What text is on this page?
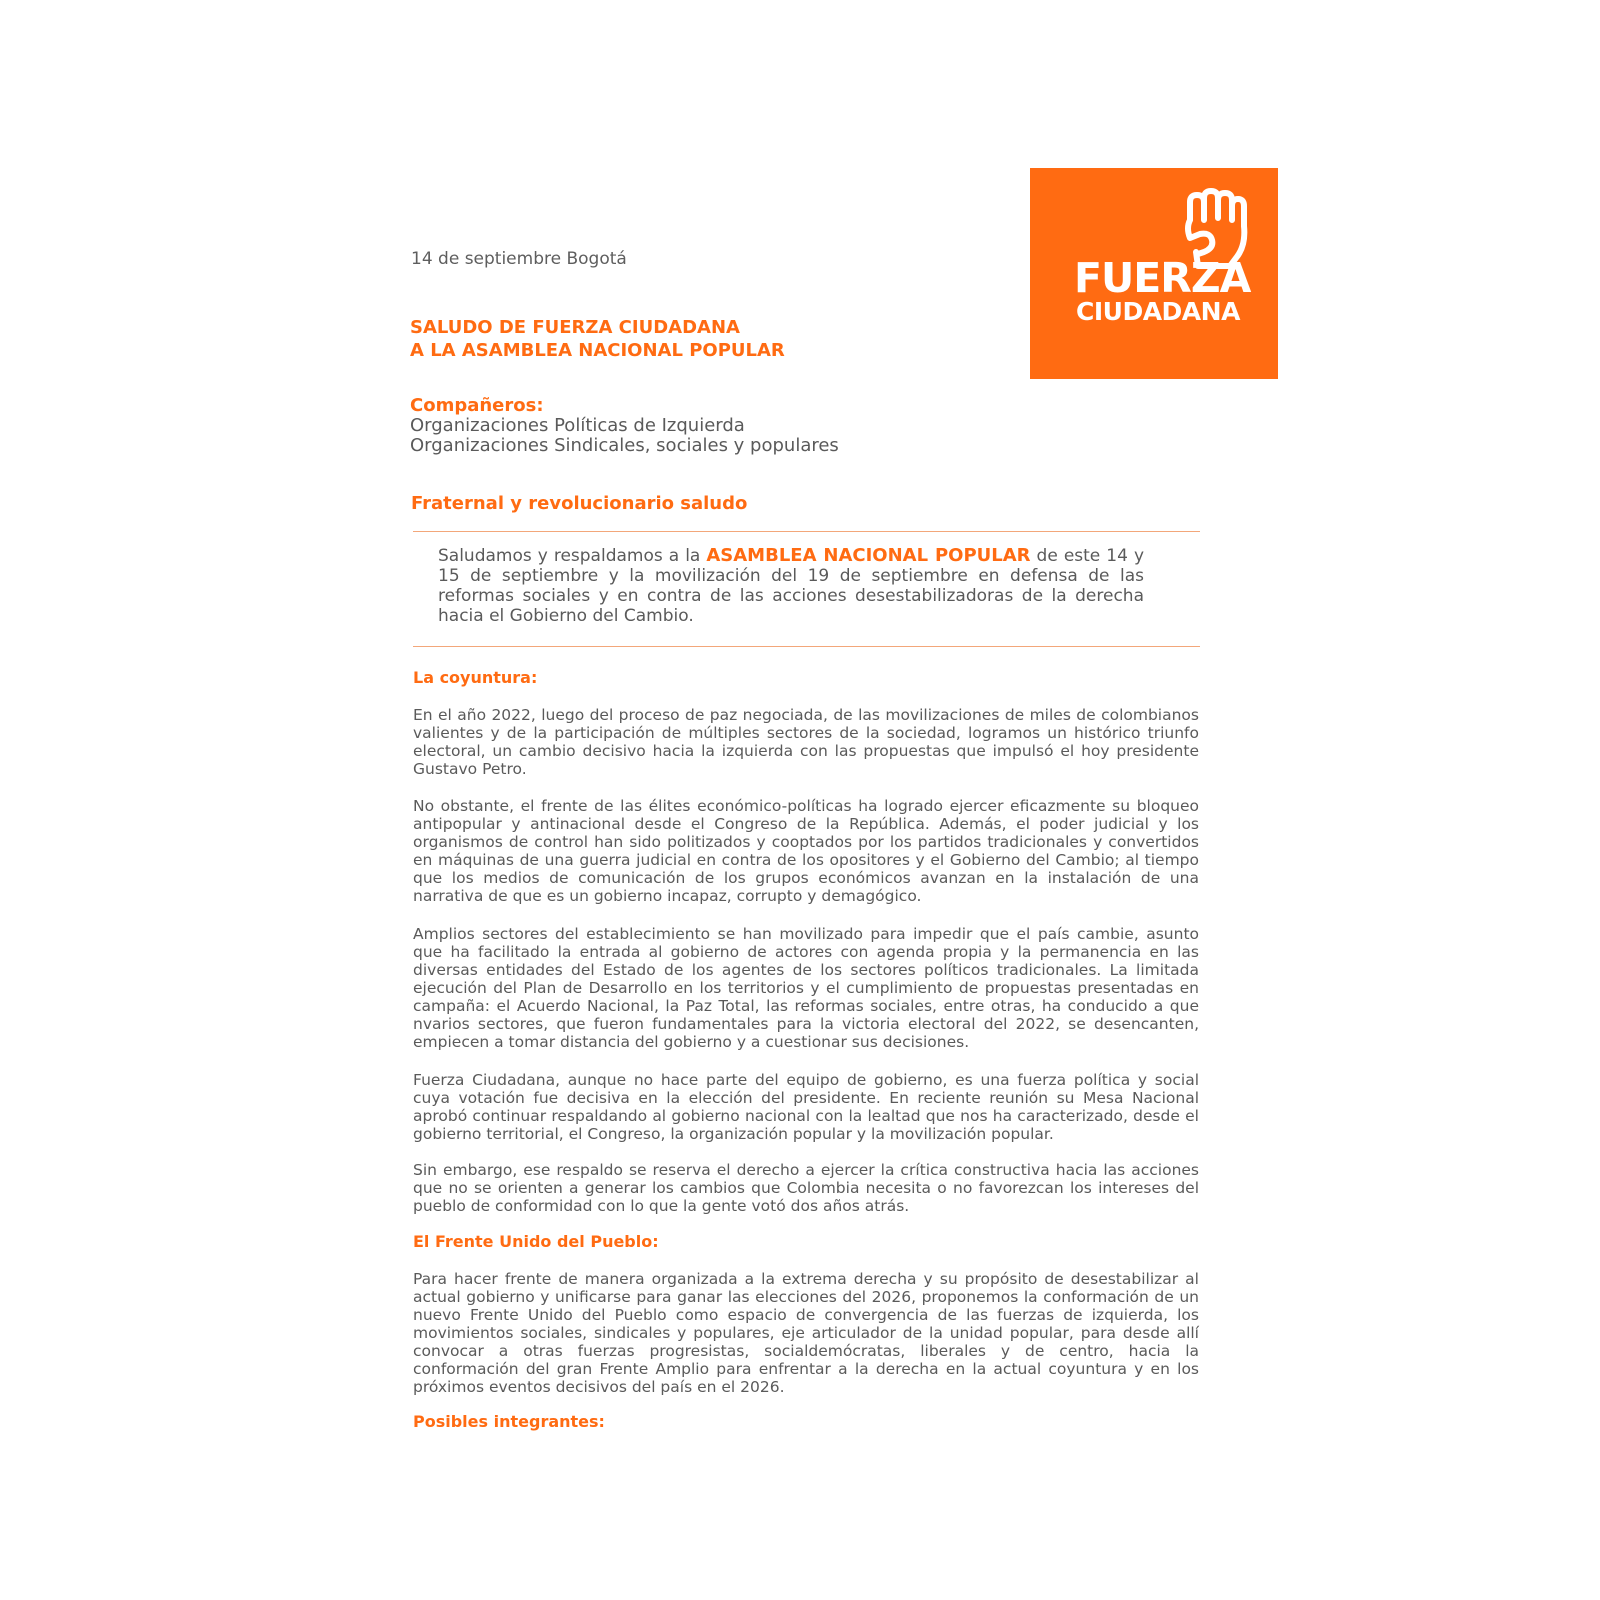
FUERZA
CIUDADANA
14 de septiembre Bogotá
SALUDO DE FUERZA CIUDADANA
A LA ASAMBLEA NACIONAL POPULAR
Compañeros:
Organizaciones Políticas de Izquierda
Organizaciones Sindicales, sociales y populares
Fraternal y revolucionario saludo
Saludamos y respaldamos a la ASAMBLEA NACIONAL POPULAR de este 14 y 15 de septiembre y la movilización del 19 de septiembre en defensa de las reformas sociales y en contra de las acciones desestabilizadoras de la derecha hacia el Gobierno del Cambio.
La coyuntura:
En el año 2022, luego del proceso de paz negociada, de las movilizaciones de miles de colombianos valientes y de la participación de múltiples sectores de la sociedad, logramos un histórico triunfo electoral, un cambio decisivo hacia la izquierda con las propuestas que impulsó el hoy presidente Gustavo Petro.
No obstante, el frente de las élites económico-políticas ha logrado ejercer eficazmente su bloqueo antipopular y antinacional desde el Congreso de la República. Además, el poder judicial y los organismos de control han sido politizados y cooptados por los partidos tradicionales y convertidos en máquinas de una guerra judicial en contra de los opositores y el Gobierno del Cambio; al tiempo que los medios de comunicación de los grupos económicos avanzan en la instalación de una narrativa de que es un gobierno incapaz, corrupto y demagógico.
Amplios sectores del establecimiento se han movilizado para impedir que el país cambie, asunto que ha facilitado la entrada al gobierno de actores con agenda propia y la permanencia en las diversas entidades del Estado de los agentes de los sectores políticos tradicionales. La limitada ejecución del Plan de Desarrollo en los territorios y el cumplimiento de propuestas presentadas en campaña: el Acuerdo Nacional, la Paz Total, las reformas sociales, entre otras, ha conducido a que nvarios sectores, que fueron fundamentales para la victoria electoral del 2022, se desencanten, empiecen a tomar distancia del gobierno y a cuestionar sus decisiones.
Fuerza Ciudadana, aunque no hace parte del equipo de gobierno, es una fuerza política y social cuya votación fue decisiva en la elección del presidente. En reciente reunión su Mesa Nacional aprobó continuar respaldando al gobierno nacional con la lealtad que nos ha caracterizado, desde el gobierno territorial, el Congreso, la organización popular y la movilización popular.
Sin embargo, ese respaldo se reserva el derecho a ejercer la crítica constructiva hacia las acciones que no se orienten a generar los cambios que Colombia necesita o no favorezcan los intereses del pueblo de conformidad con lo que la gente votó dos años atrás.
El Frente Unido del Pueblo:
Para hacer frente de manera organizada a la extrema derecha y su propósito de desestabilizar al actual gobierno y unificarse para ganar las elecciones del 2026, proponemos la conformación de un nuevo Frente Unido del Pueblo como espacio de convergencia de las fuerzas de izquierda, los movimientos sociales, sindicales y populares, eje articulador de la unidad popular, para desde allí convocar a otras fuerzas progresistas, socialdemócratas, liberales y de centro, hacia la conformación del gran Frente Amplio para enfrentar a la derecha en la actual coyuntura y en los próximos eventos decisivos del país en el 2026.
Posibles integrantes:
